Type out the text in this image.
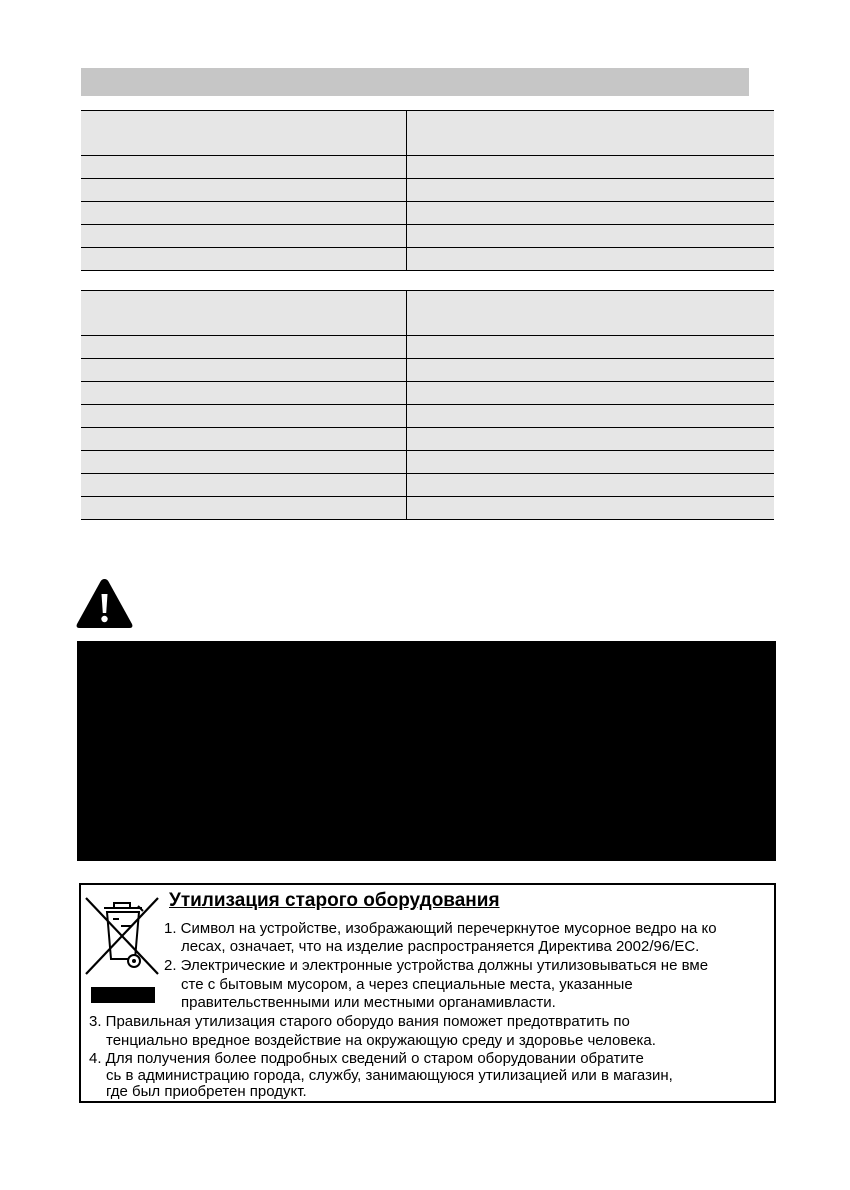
Утилизация старого оборудования
1. Символ на устройстве, изображающий перечеркнутое мусорное ведро на ко
лесах, означает, что на изделие распространяется Директива 2002/96/EC.
2. Электрические и электронные устройства должны утилизовываться не вме
сте с бытовым мусором, а через специальные места, указанные
правительственными или местными органамивласти.
3. Правильная утилизация старого оборудо вания поможет предотвратить по
тенциально вредное воздействие на окружающую среду и здоровье человека.
4. Для получения более подробных сведений о старом оборудовании обратите
сь в администрацию города, службу, занимающуюся утилизацией или в магазин,
где был приобретен продукт.
